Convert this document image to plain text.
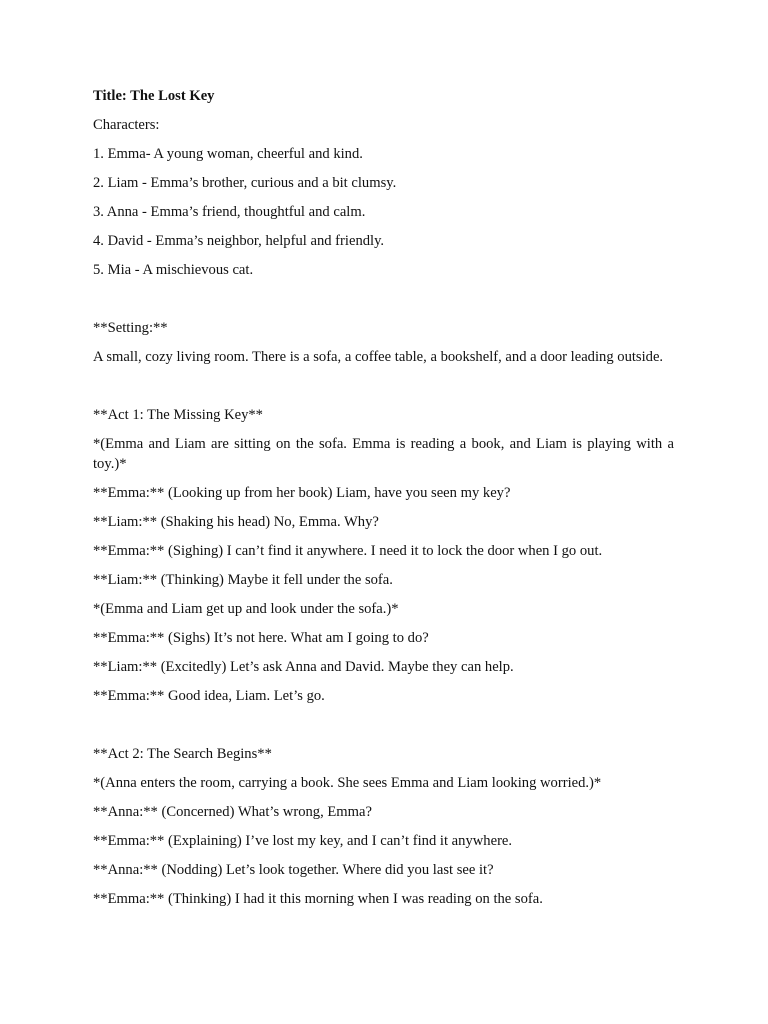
Title: The Lost Key

Characters:

1. Emma- A young woman, cheerful and kind.

2. Liam - Emma’s brother, curious and a bit clumsy.

3. Anna - Emma’s friend, thoughtful and calm.

4. David - Emma’s neighbor, helpful and friendly.

5. Mia - A mischievous cat.

**Setting:**

A small, cozy living room. There is a sofa, a coffee table, a bookshelf, and a door leading outside.

**Act 1: The Missing Key**

*(Emma and Liam are sitting on the sofa. Emma is reading a book, and Liam is playing with a toy.)*

**Emma:** (Looking up from her book) Liam, have you seen my key?

**Liam:** (Shaking his head) No, Emma. Why?

**Emma:** (Sighing) I can’t find it anywhere. I need it to lock the door when I go out.

**Liam:** (Thinking) Maybe it fell under the sofa.

*(Emma and Liam get up and look under the sofa.)*

**Emma:** (Sighs) It’s not here. What am I going to do?

**Liam:** (Excitedly) Let’s ask Anna and David. Maybe they can help.

**Emma:** Good idea, Liam. Let’s go.

**Act 2: The Search Begins**

*(Anna enters the room, carrying a book. She sees Emma and Liam looking worried.)*

**Anna:** (Concerned) What’s wrong, Emma?

**Emma:** (Explaining) I’ve lost my key, and I can’t find it anywhere.

**Anna:** (Nodding) Let’s look together. Where did you last see it?

**Emma:** (Thinking) I had it this morning when I was reading on the sofa.
